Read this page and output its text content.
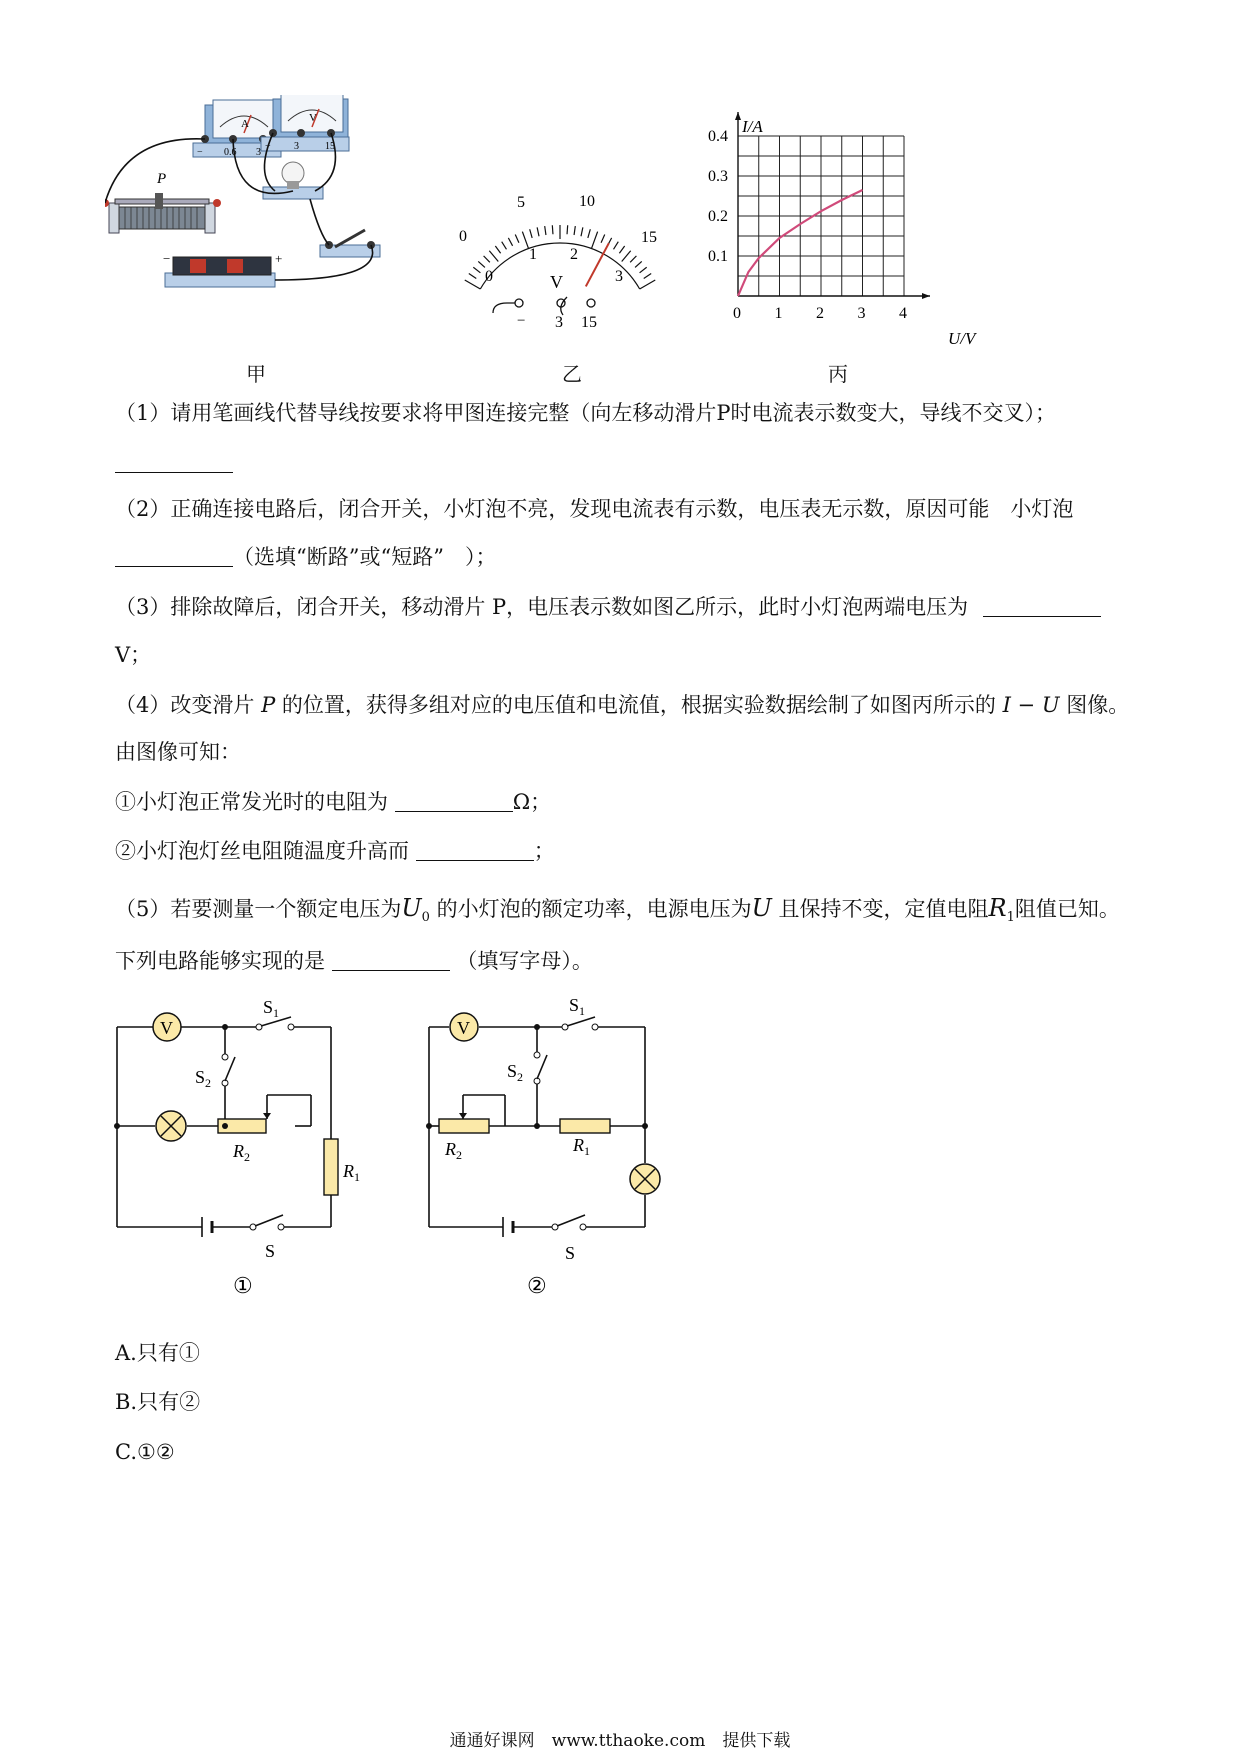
A
− 0.6 3
V
− 3	15
P
−	+
甲
0
5	10
15
0
1 2
3
V
− 3 15
乙
0 1 2 3 4
0.1
0.2
0.3
0.4
I/A
U/V
丙
（1）请用笔画线代替导线按要求将甲图连接完整（向左移动滑片P时电流表示数变大，导线不交叉）；
（2）正确连接电路后，闭合开关，小灯泡不亮，发现电流表有示数，电压表无示数，原因可能　小灯泡
（选填“断路”或“短路”　）；
（3）排除故障后，闭合开关，移动滑片 P，电压表示数如图乙所示，此时小灯泡两端电压为
V；
（4）改变滑片 P 的位置，获得多组对应的电压值和电流值，根据实验数据绘制了如图丙所示的 I − U 图像。
由图像可知：
①小灯泡正常发光时的电阻为	Ω；
②小灯泡灯丝电阻随温度升高而	；
（5）若要测量一个额定电压为$U_0$ 的小灯泡的额定功率，电源电压为U 且保持不变，定值电阻$R_1$阻值已知。
下列电路能够实现的是	（填写字母）。
V
$S_1$
$S_2$
$R_2$
$R_1$
S
①
V
$S_1$
$S_2$
$R_2$	$R_1$
S
②
A.只有①
B.只有②
C.①②
通通好课网　www.tthaoke.com　提供下载
